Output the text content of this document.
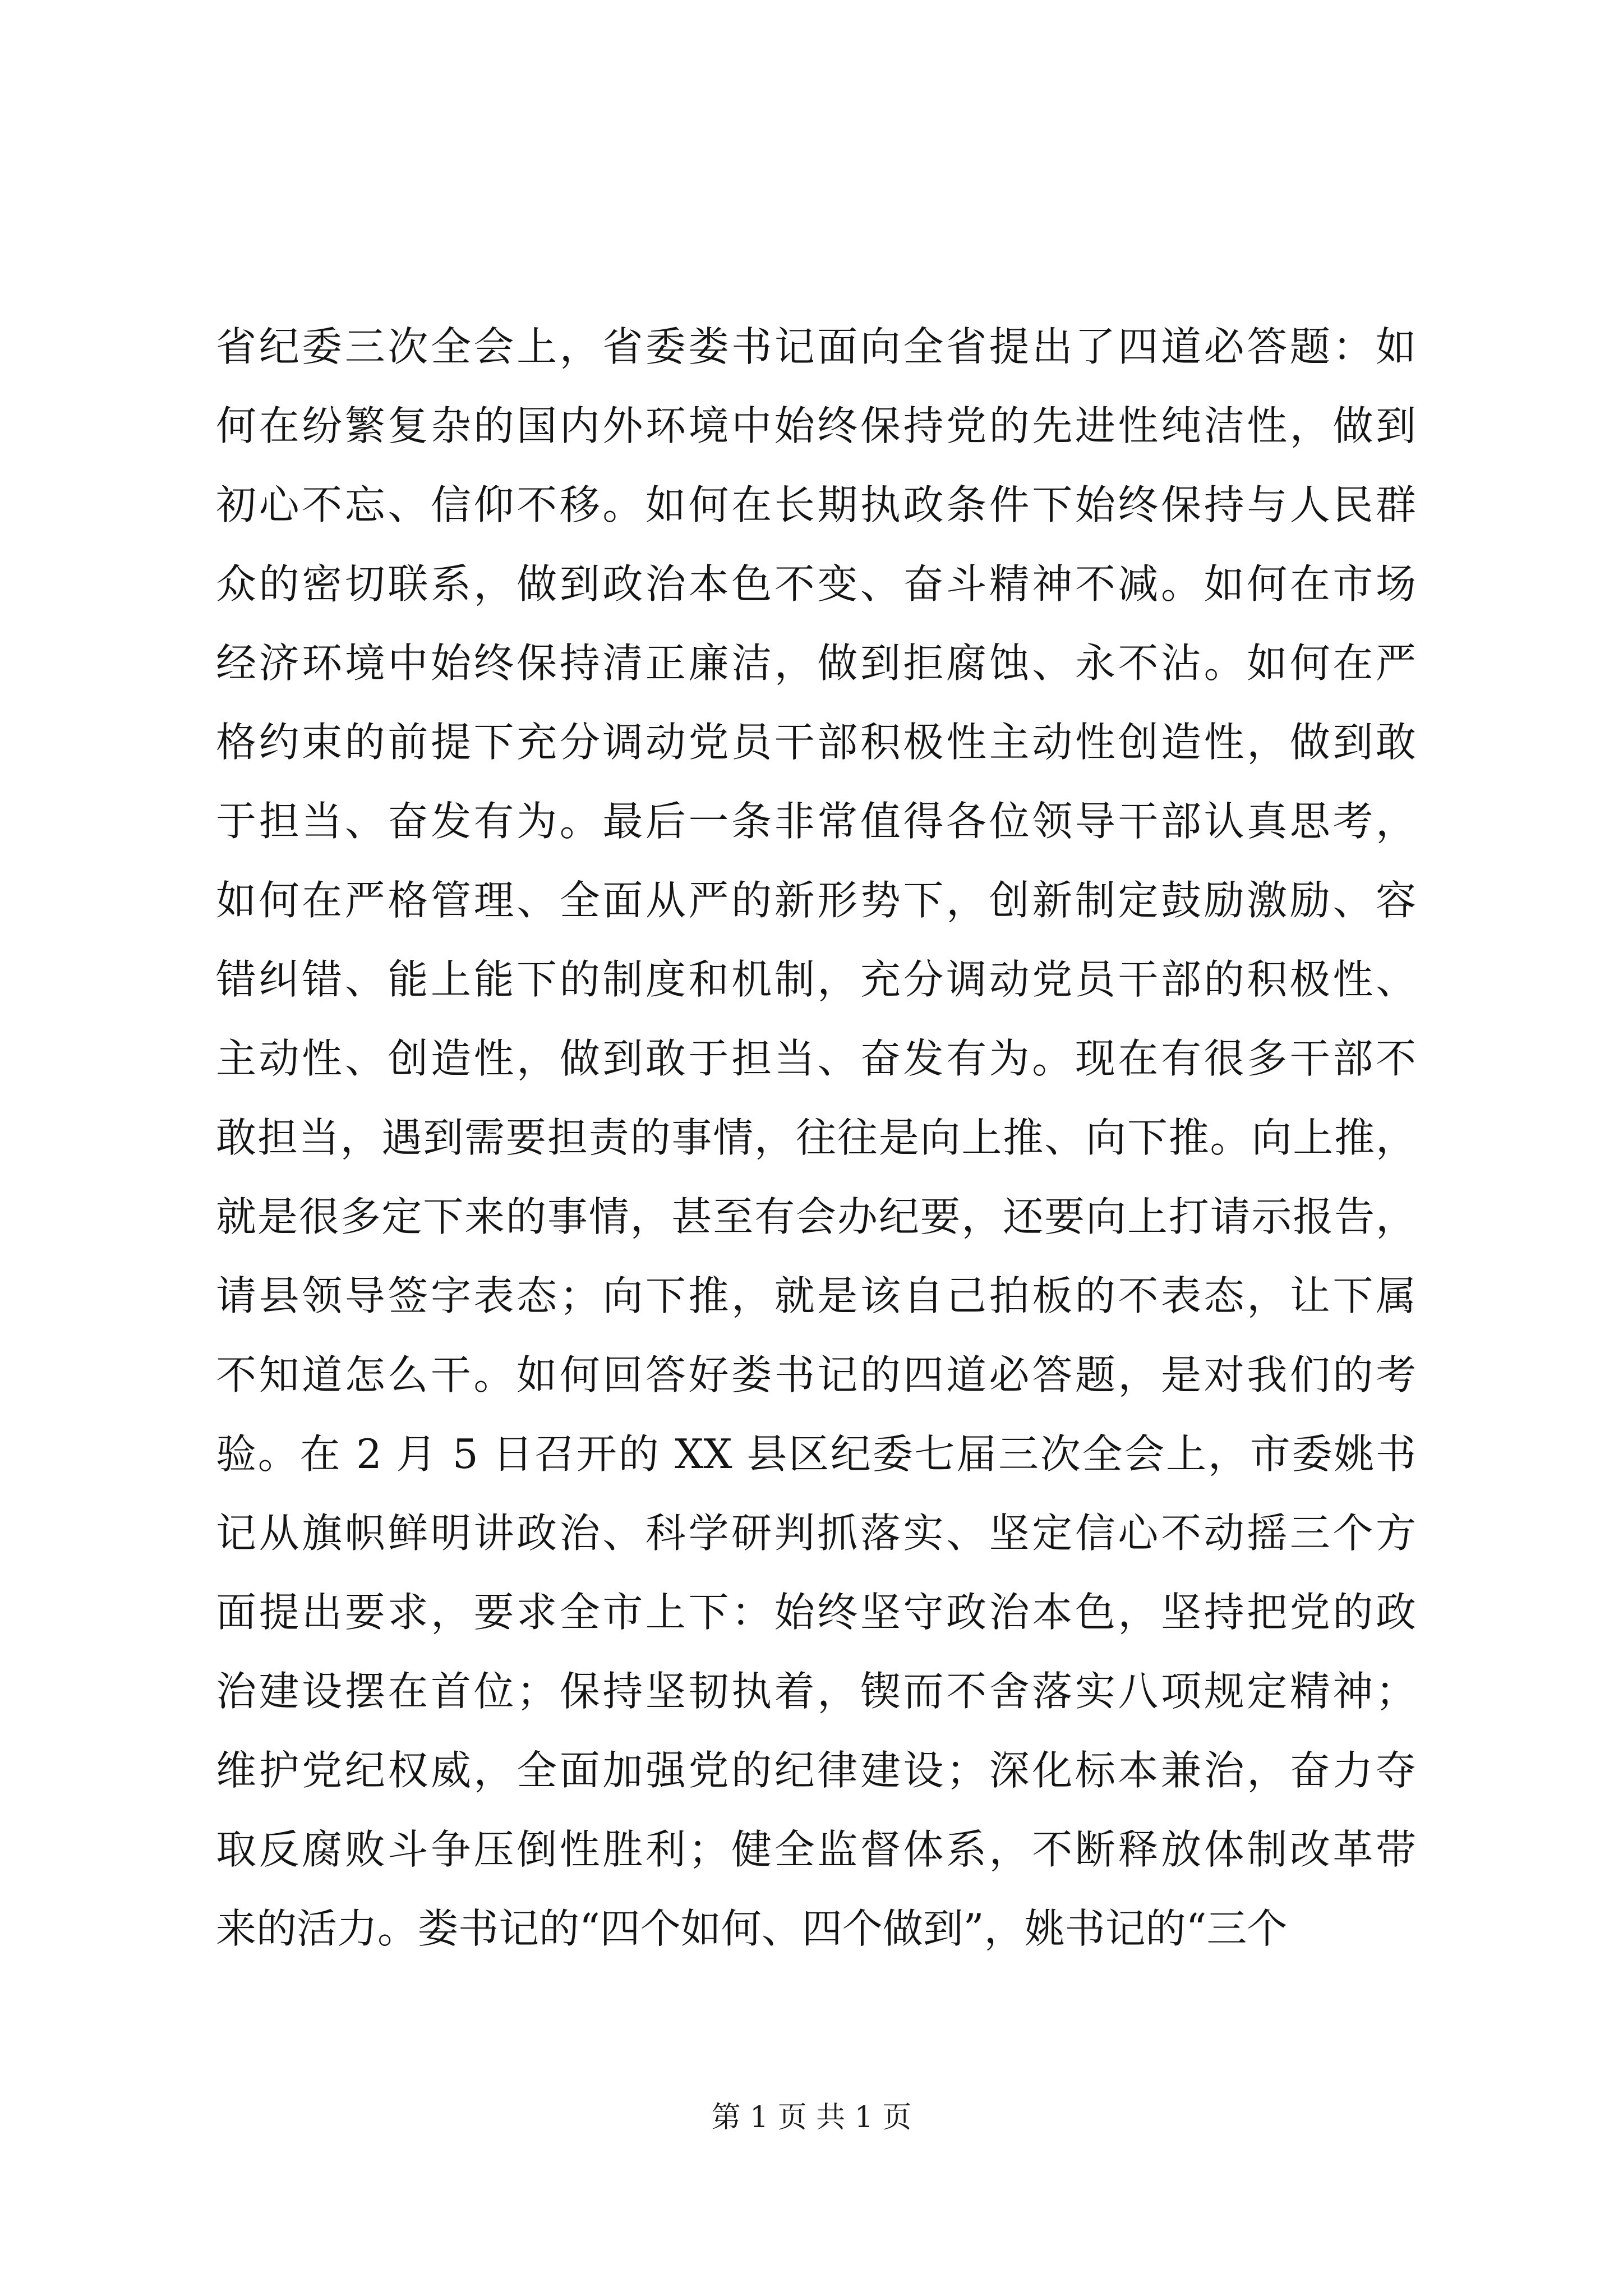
省纪委三次全会上，省委娄书记面向全省提出了四道必答题：如
何在纷繁复杂的国内外环境中始终保持党的先进性纯洁性，做到
初心不忘、信仰不移。如何在长期执政条件下始终保持与人民群
众的密切联系，做到政治本色不变、奋斗精神不减。如何在市场
经济环境中始终保持清正廉洁，做到拒腐蚀、永不沾。如何在严
格约束的前提下充分调动党员干部积极性主动性创造性，做到敢
于担当、奋发有为。最后一条非常值得各位领导干部认真思考，
如何在严格管理、全面从严的新形势下，创新制定鼓励激励、容
错纠错、能上能下的制度和机制，充分调动党员干部的积极性、
主动性、创造性，做到敢于担当、奋发有为。现在有很多干部不
敢担当，遇到需要担责的事情，往往是向上推、向下推。向上推，
就是很多定下来的事情，甚至有会办纪要，还要向上打请示报告，
请县领导签字表态；向下推，就是该自己拍板的不表态，让下属
不知道怎么干。如何回答好娄书记的四道必答题，是对我们的考
验。在 2 月 5 日召开的 XX 县区纪委七届三次全会上，市委姚书
记从旗帜鲜明讲政治、科学研判抓落实、坚定信心不动摇三个方
面提出要求，要求全市上下：始终坚守政治本色，坚持把党的政
治建设摆在首位；保持坚韧执着，锲而不舍落实八项规定精神；
维护党纪权威，全面加强党的纪律建设；深化标本兼治，奋力夺
取反腐败斗争压倒性胜利；健全监督体系，不断释放体制改革带
来的活力。娄书记的“四个如何、四个做到”，姚书记的“三个
第 1 页 共 1 页
